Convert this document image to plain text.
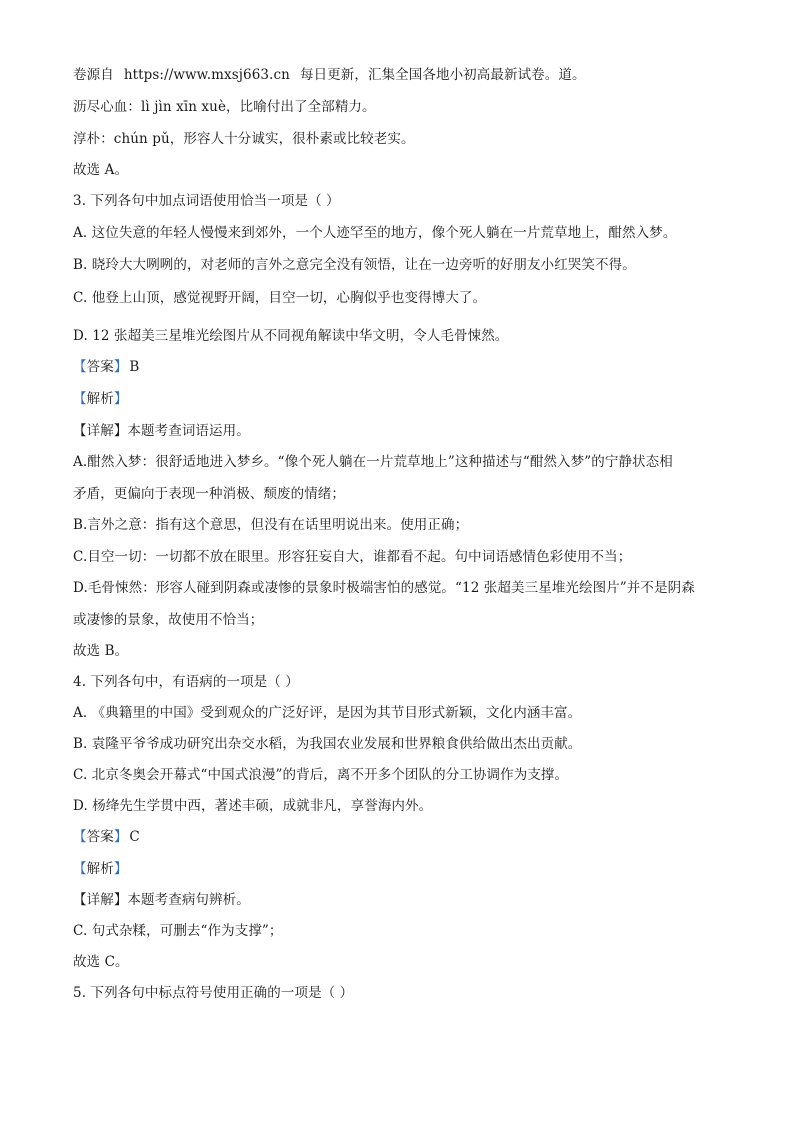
卷源自 https://www.mxsj663.cn 每日更新，汇集全国各地小初高最新试卷。道。
沥尽心血：lì jìn xīn xuè，比喻付出了全部精力。
淳朴：chún pǔ，形容人十分诚实，很朴素或比较老实。
故选 A。
3. 下列各句中加点词语使用恰当一项是（ ）
A. 这位失意的年轻人慢慢来到郊外，一个人迹罕至的地方，像个死人躺在一片荒草地上，酣然入梦。
B. 晓玲大大咧咧的，对老师的言外之意完全没有领悟，让在一边旁听的好朋友小红哭笑不得。
C. 他登上山顶，感觉视野开阔，目空一切，心胸似乎也变得博大了。
D. 12 张超美三星堆光绘图片从不同视角解读中华文明，令人毛骨悚然。
【答案】 B
【解析】
【详解】本题考查词语运用。
A.酣然入梦：很舒适地进入梦乡。“像个死人躺在一片荒草地上”这种描述与“酣然入梦”的宁静状态相
矛盾，更偏向于表现一种消极、颓废的情绪；
B.言外之意：指有这个意思，但没有在话里明说出来。使用正确；
C.目空一切：一切都不放在眼里。形容狂妄自大，谁都看不起。句中词语感情色彩使用不当；
D.毛骨悚然：形容人碰到阴森或凄惨的景象时极端害怕的感觉。“12 张超美三星堆光绘图片”并不是阴森
或凄惨的景象，故使用不恰当；
故选 B。
4. 下列各句中，有语病的一项是（ ）
A. 《典籍里的中国》受到观众的广泛好评，是因为其节目形式新颖，文化内涵丰富。
B. 袁隆平爷爷成功研究出杂交水稻，为我国农业发展和世界粮食供给做出杰出贡献。
C. 北京冬奥会开幕式“中国式浪漫”的背后，离不开多个团队的分工协调作为支撑。
D. 杨绛先生学贯中西，著述丰硕，成就非凡，享誉海内外。
【答案】 C
【解析】
【详解】本题考查病句辨析。
C. 句式杂糅，可删去“作为支撑”；
故选 C。
5. 下列各句中标点符号使用正确的一项是（ ）
